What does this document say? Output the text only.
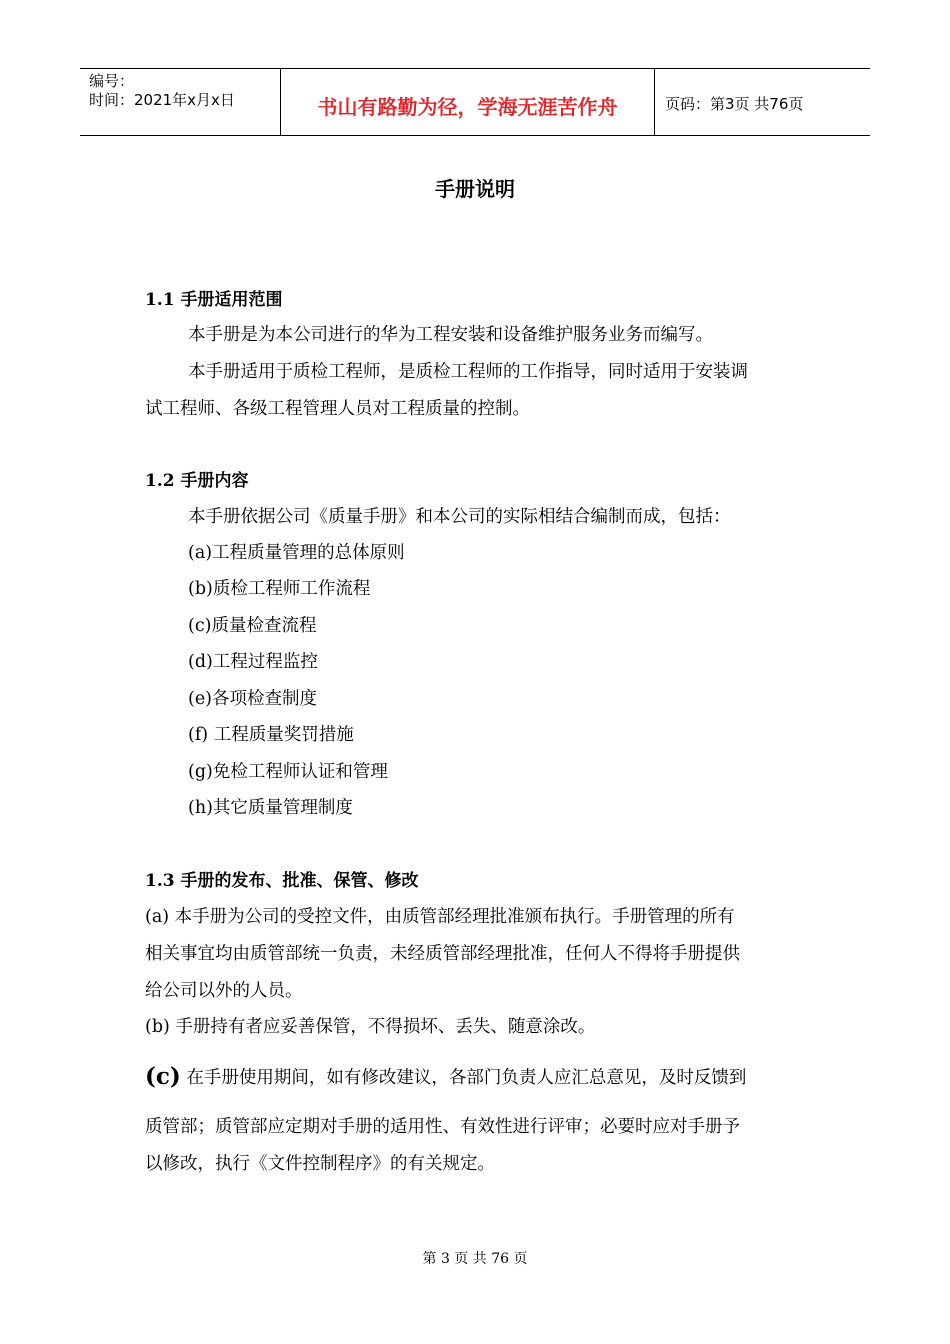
编号：
时间：2021年x月x日	书山有路勤为径，学海无涯苦作舟	页码：第3页 共76页
手册说明
1.1 手册适用范围
本手册是为本公司进行的华为工程安装和设备维护服务业务而编写。
本手册适用于质检工程师，是质检工程师的工作指导，同时适用于安装调
试工程师、各级工程管理人员对工程质量的控制。
1.2 手册内容
本手册依据公司《质量手册》和本公司的实际相结合编制而成，包括：
(a)工程质量管理的总体原则
(b)质检工程师工作流程
(c)质量检查流程
(d)工程过程监控
(e)各项检查制度
(f) 工程质量奖罚措施
(g)免检工程师认证和管理
(h)其它质量管理制度
1.3 手册的发布、批准、保管、修改
(a) 本手册为公司的受控文件，由质管部经理批准颁布执行。手册管理的所有
相关事宜均由质管部统一负责，未经质管部经理批准，任何人不得将手册提供
给公司以外的人员。
(b) 手册持有者应妥善保管，不得损坏、丢失、随意涂改。
(c) 在手册使用期间，如有修改建议，各部门负责人应汇总意见，及时反馈到
质管部；质管部应定期对手册的适用性、有效性进行评审；必要时应对手册予
以修改，执行《文件控制程序》的有关规定。
第 3 页 共 76 页
